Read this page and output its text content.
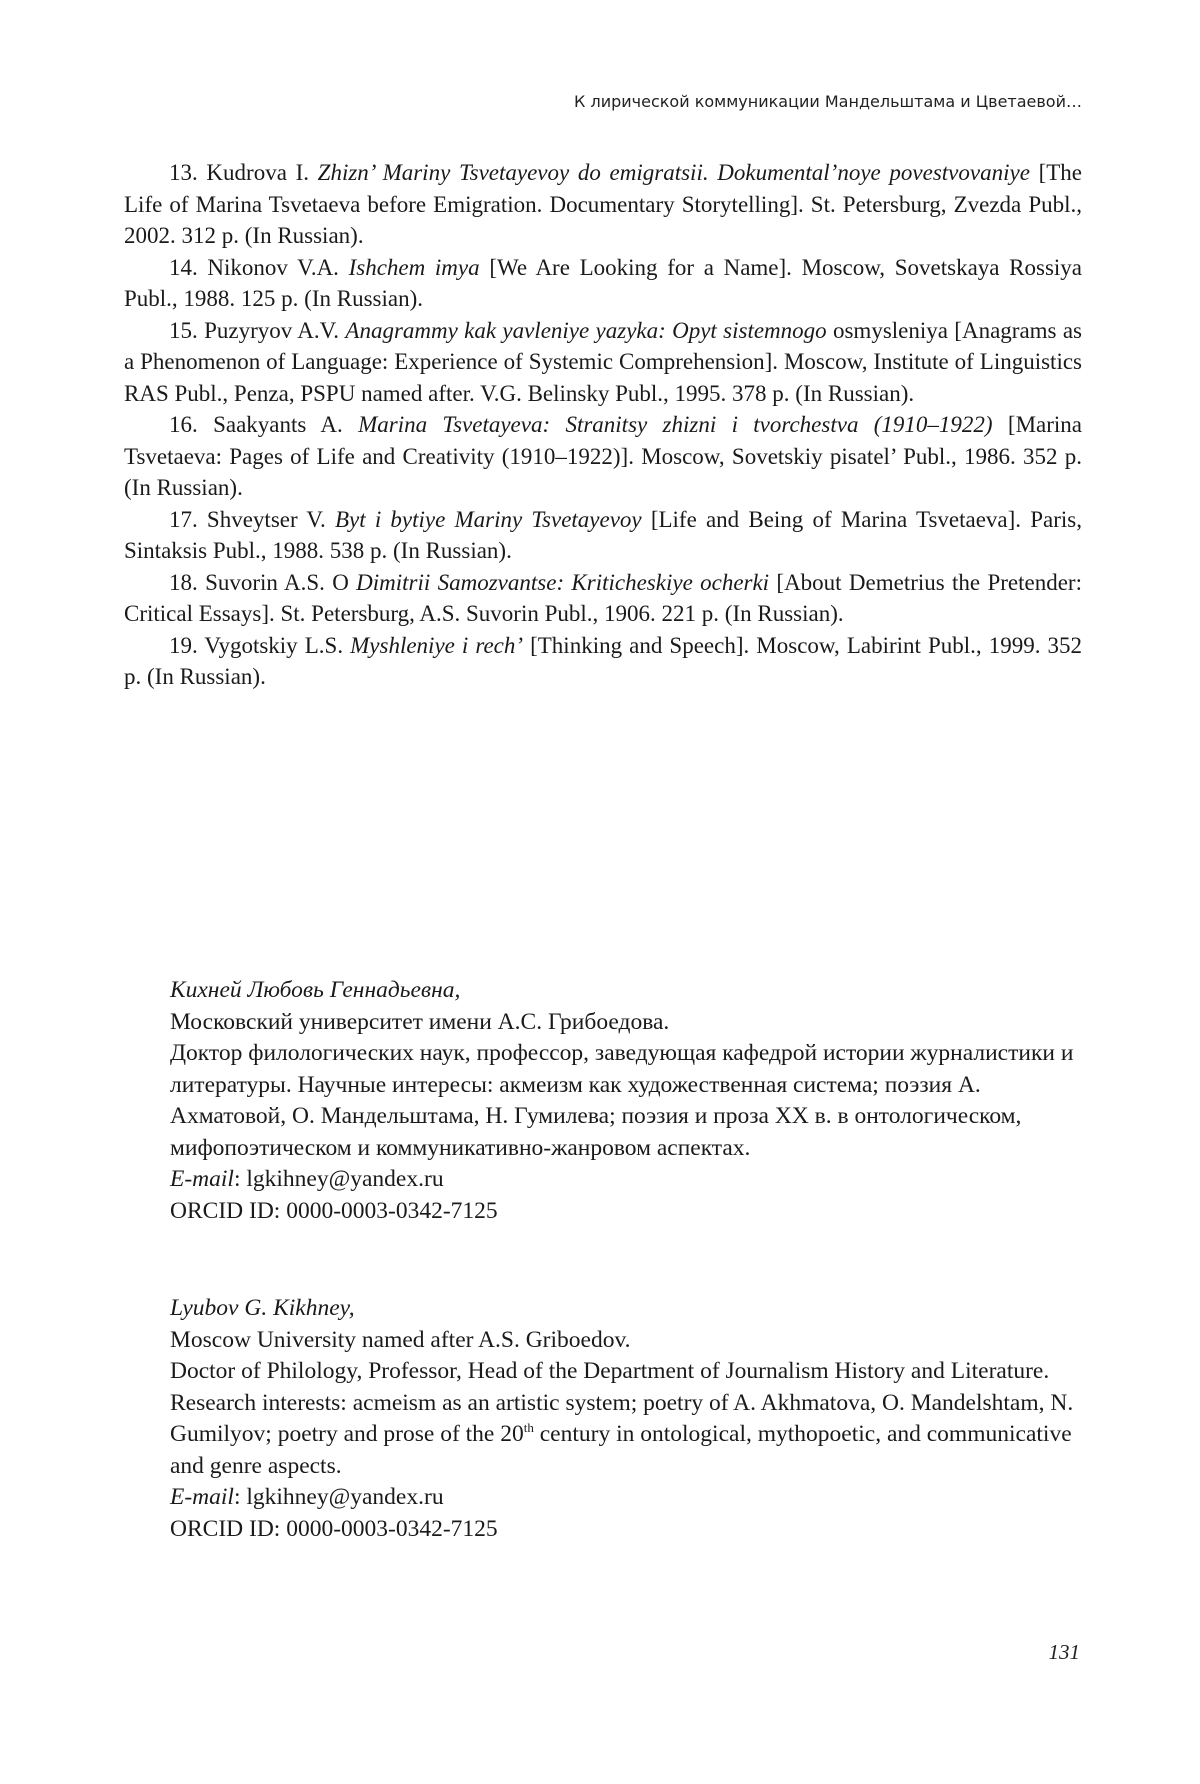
К лирической коммуникации Мандельштама и Цветаевой…

13. Kudrova I. Zhizn’ Mariny Tsvetayevoy do emigratsii. Dokumental’noye povestvovaniye [The Life of Marina Tsvetaeva before Emigration. Documentary Storytelling]. St. Petersburg, Zvezda Publ., 2002. 312 p. (In Russian).

14. Nikonov V.A. Ishchem imya [We Are Looking for a Name]. Moscow, Sovetskaya Rossiya Publ., 1988. 125 p. (In Russian).

15. Puzyryov A.V. Anagrammy kak yavleniye yazyka: Opyt sistemnogo osmysleniya [Anagrams as a Phenomenon of Language: Experience of Systemic Comprehension]. Moscow, Institute of Linguistics RAS Publ., Penza, PSPU named after. V.G. Belinsky Publ., 1995. 378 p. (In Russian).

16. Saakyants A. Marina Tsvetayeva: Stranitsy zhizni i tvorchestva (1910–1922) [Marina Tsvetaeva: Pages of Life and Creativity (1910–1922)]. Moscow, Sovetskiy pisatel’ Publ., 1986. 352 p. (In Russian).

17. Shveytser V. Byt i bytiye Mariny Tsvetayevoy [Life and Being of Marina Tsvetaeva]. Paris, Sintaksis Publ., 1988. 538 p. (In Russian).

18. Suvorin A.S. O Dimitrii Samozvantse: Kriticheskiye ocherki [About Demetrius the Pretender: Critical Essays]. St. Petersburg, A.S. Suvorin Publ., 1906. 221 p. (In Russian).

19. Vygotskiy L.S. Myshleniye i rech’ [Thinking and Speech]. Moscow, Labirint Publ., 1999. 352 p. (In Russian).

Кихней Любовь Геннадьевна,

Московский университет имени А.С. Грибоедова.

Доктор филологических наук, профессор, заведующая кафедрой истории журналистики и литературы. Научные интересы: акмеизм как художественная система; поэзия А. Ахматовой, О. Мандельштама, Н. Гумилева; поэзия и проза XX в. в онтологическом, мифопоэтическом и коммуникативно-жанровом аспектах.

E-mail: lgkihney@yandex.ru

ORCID ID: 0000-0003-0342-7125

Lyubov G. Kikhney,

Moscow University named after A.S. Griboedov.

Doctor of Philology, Professor, Head of the Department of Journalism History and Literature. Research interests: acmeism as an artistic system; poetry of A. Akhmatova, O. Mandelshtam, N. Gumilyov; poetry and prose of the 20th century in ontological, mythopoetic, and communicative and genre aspects.

E-mail: lgkihney@yandex.ru

ORCID ID: 0000-0003-0342-7125

131
